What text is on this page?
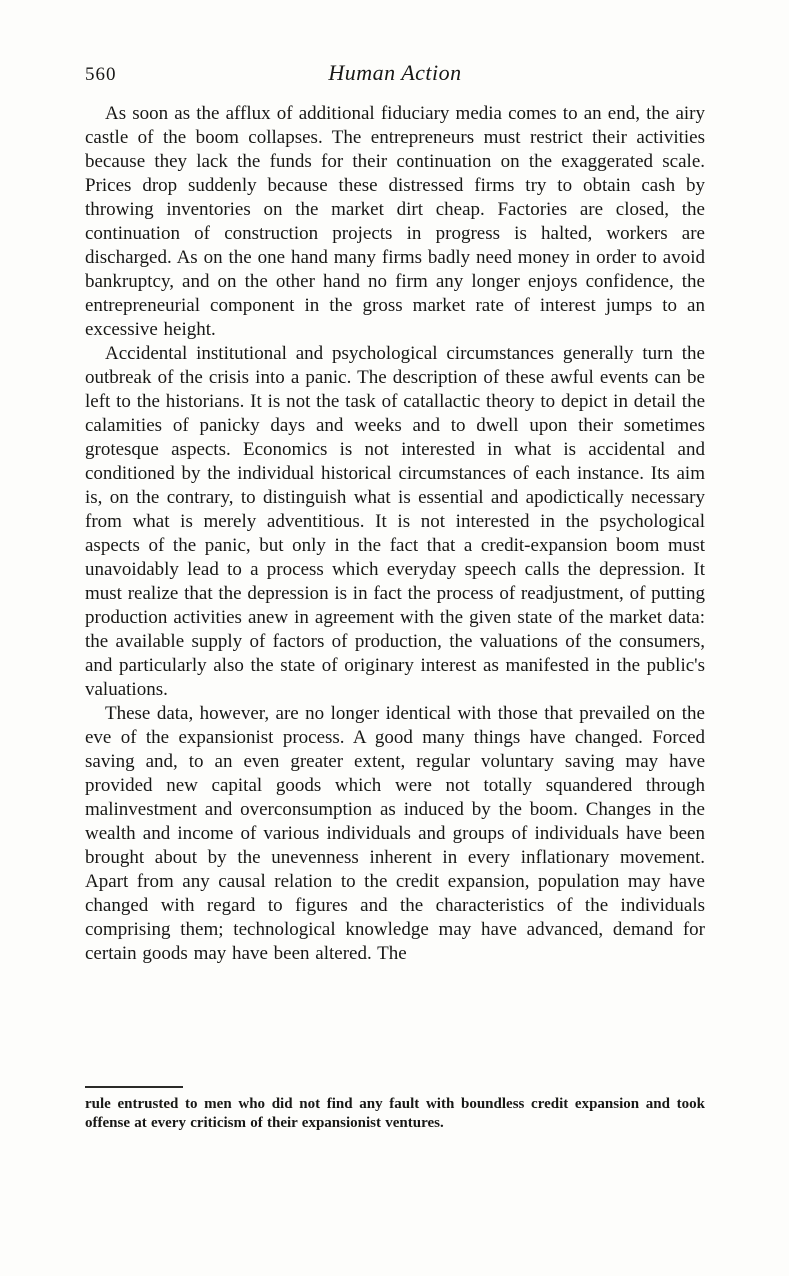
560	Human Action

As soon as the afflux of additional fiduciary media comes to an end, the airy castle of the boom collapses. The entrepreneurs must restrict their activities because they lack the funds for their continuation on the exaggerated scale. Prices drop suddenly because these distressed firms try to obtain cash by throwing inventories on the market dirt cheap. Factories are closed, the continuation of construction projects in progress is halted, workers are discharged. As on the one hand many firms badly need money in order to avoid bankruptcy, and on the other hand no firm any longer enjoys confidence, the entrepreneurial component in the gross market rate of interest jumps to an excessive height.

Accidental institutional and psychological circumstances generally turn the outbreak of the crisis into a panic. The description of these awful events can be left to the historians. It is not the task of catallactic theory to depict in detail the calamities of panicky days and weeks and to dwell upon their sometimes grotesque aspects. Economics is not interested in what is accidental and conditioned by the individual historical circumstances of each instance. Its aim is, on the contrary, to distinguish what is essential and apodictically necessary from what is merely adventitious. It is not interested in the psychological aspects of the panic, but only in the fact that a credit-expansion boom must unavoidably lead to a process which everyday speech calls the depression. It must realize that the depression is in fact the process of readjustment, of putting production activities anew in agreement with the given state of the market data: the available supply of factors of production, the valuations of the consumers, and particularly also the state of originary interest as manifested in the public's valuations.

These data, however, are no longer identical with those that prevailed on the eve of the expansionist process. A good many things have changed. Forced saving and, to an even greater extent, regular voluntary saving may have provided new capital goods which were not totally squandered through malinvestment and overconsumption as induced by the boom. Changes in the wealth and income of various individuals and groups of individuals have been brought about by the unevenness inherent in every inflationary movement. Apart from any causal relation to the credit expansion, population may have changed with regard to figures and the characteristics of the individuals comprising them; technological knowledge may have advanced, demand for certain goods may have been altered. The

rule entrusted to men who did not find any fault with boundless credit expansion and took offense at every criticism of their expansionist ventures.
